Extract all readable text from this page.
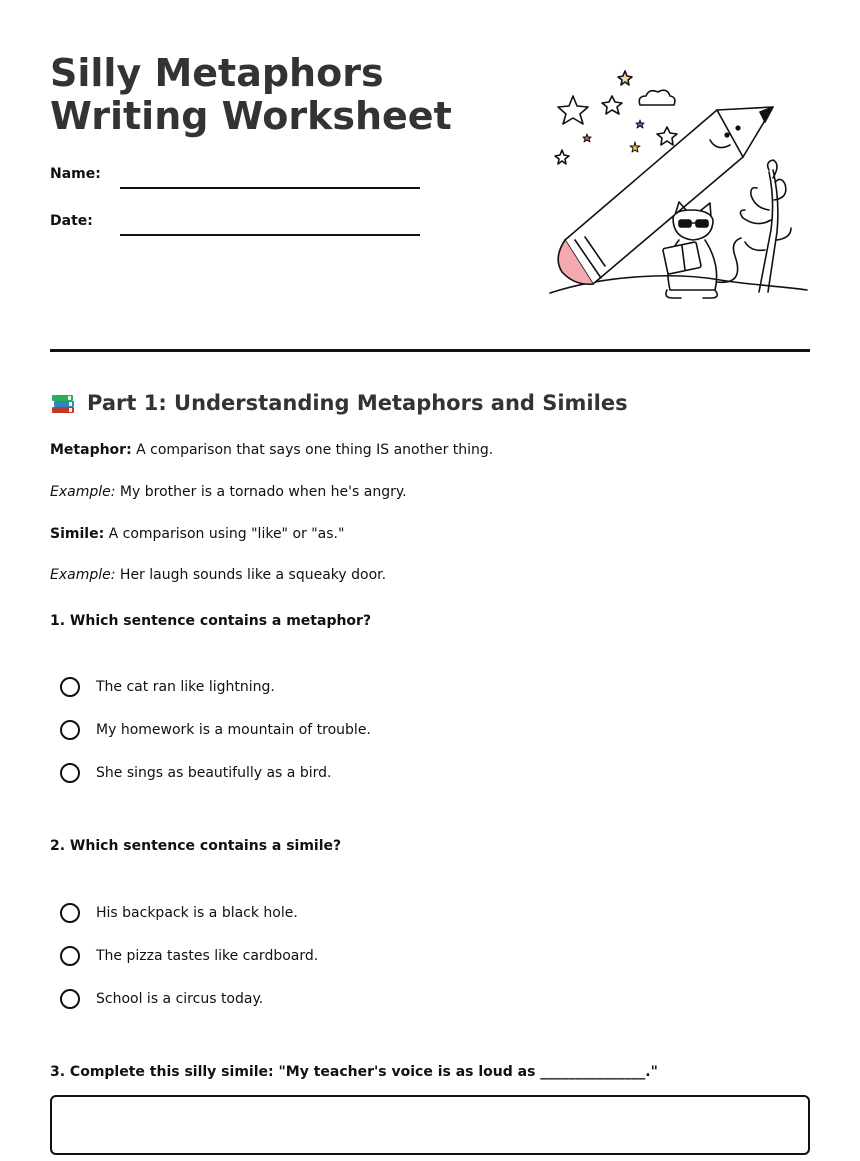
Silly Metaphors Writing Worksheet
Name:
Date:
Part 1: Understanding Metaphors and Similes
Metaphor: A comparison that says one thing IS another thing.
Example: My brother is a tornado when he's angry.
Simile: A comparison using "like" or "as."
Example: Her laugh sounds like a squeaky door.
1. Which sentence contains a metaphor?
The cat ran like lightning.
My homework is a mountain of trouble.
She sings as beautifully as a bird.
2. Which sentence contains a simile?
His backpack is a black hole.
The pizza tastes like cardboard.
School is a circus today.
3. Complete this silly simile: "My teacher's voice is as loud as _______________."
